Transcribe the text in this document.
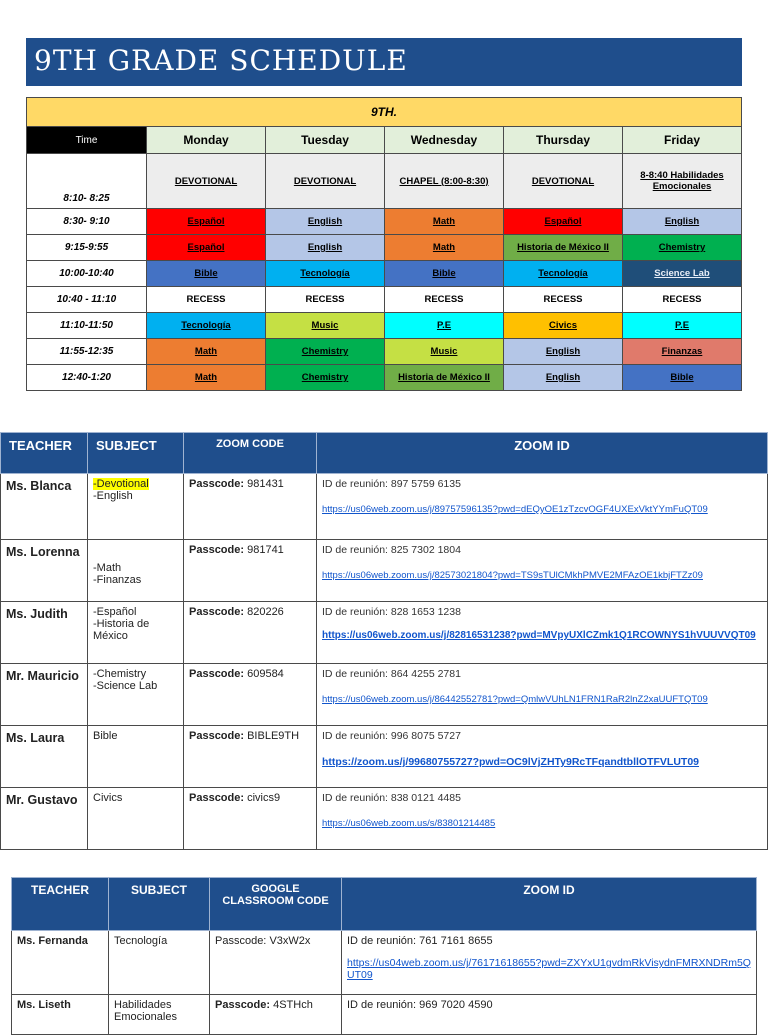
9TH GRADE SCHEDULE
9TH.					
Time	Monday	Tuesday	Wednesday	Thursday	Friday
8:10- 8:25	DEVOTIONAL	DEVOTIONAL	CHAPEL (8:00-8:30)	DEVOTIONAL	8-8:40 Habilidades Emocionales
8:30- 9:10	Español	English	Math	Español	English
9:15-9:55	Español	English	Math	Historia de México II	Chemistry
10:00-10:40	Bible	Tecnología	Bible	Tecnología	Science Lab
10:40 - 11:10	RECESS	RECESS	RECESS	RECESS	RECESS
11:10-11:50	Tecnología	Music	P.E	Civics	P.E
11:55-12:35	Math	Chemistry	Music	English	Finanzas
12:40-1:20	Math	Chemistry	Historia de México II	English	Bible
TEACHER	SUBJECT	ZOOM CODE	ZOOM ID
Ms. Blanca	-Devotional
-English	Passcode: 981431	ID de reunión: 897 5759 6135
https://us06web.zoom.us/j/89757596135?pwd=dEQyOE1zTzcvOGF4UXExVktYYmFuQT09

Ms. Lorenna	-Math
-Finanzas	Passcode: 981741	ID de reunión: 825 7302 1804
https://us06web.zoom.us/j/82573021804?pwd=TS9sTUlCMkhPMVE2MFAzOE1kbjFTZz09

Ms. Judith	-Español
-Historia de
México	Passcode: 820226	ID de reunión: 828 1653 1238
https://us06web.zoom.us/j/82816531238?pwd=MVpyUXlCZmk1Q1RCOWNYS1hVUUVVQT09

Mr. Mauricio	-Chemistry
-Science Lab	Passcode: 609584	ID de reunión: 864 4255 2781
https://us06web.zoom.us/j/86442552781?pwd=QmlwVUhLN1FRN1RaR2lnZ2xaUUFTQT09

Ms. Laura	Bible	Passcode: BIBLE9TH	ID de reunión: 996 8075 5727
https://zoom.us/j/99680755727?pwd=OC9lVjZHTy9RcTFqandtbllOTFVLUT09

Mr. Gustavo	Civics	Passcode: civics9	ID de reunión: 838 0121 4485
https://us06web.zoom.us/s/83801214485
TEACHER	SUBJECT	GOOGLE
CLASSROOM CODE	ZOOM ID
Ms. Fernanda	Tecnología	Passcode: V3xW2x	ID de reunión: 761 7161 8655
https://us04web.zoom.us/j/76171618655?pwd=ZXYxU1gvdmRkVisydnFMRXNDRm5QUT09

Ms. Liseth	Habilidades
Emocionales	Passcode: 4STHch	ID de reunión: 969 7020 4590
